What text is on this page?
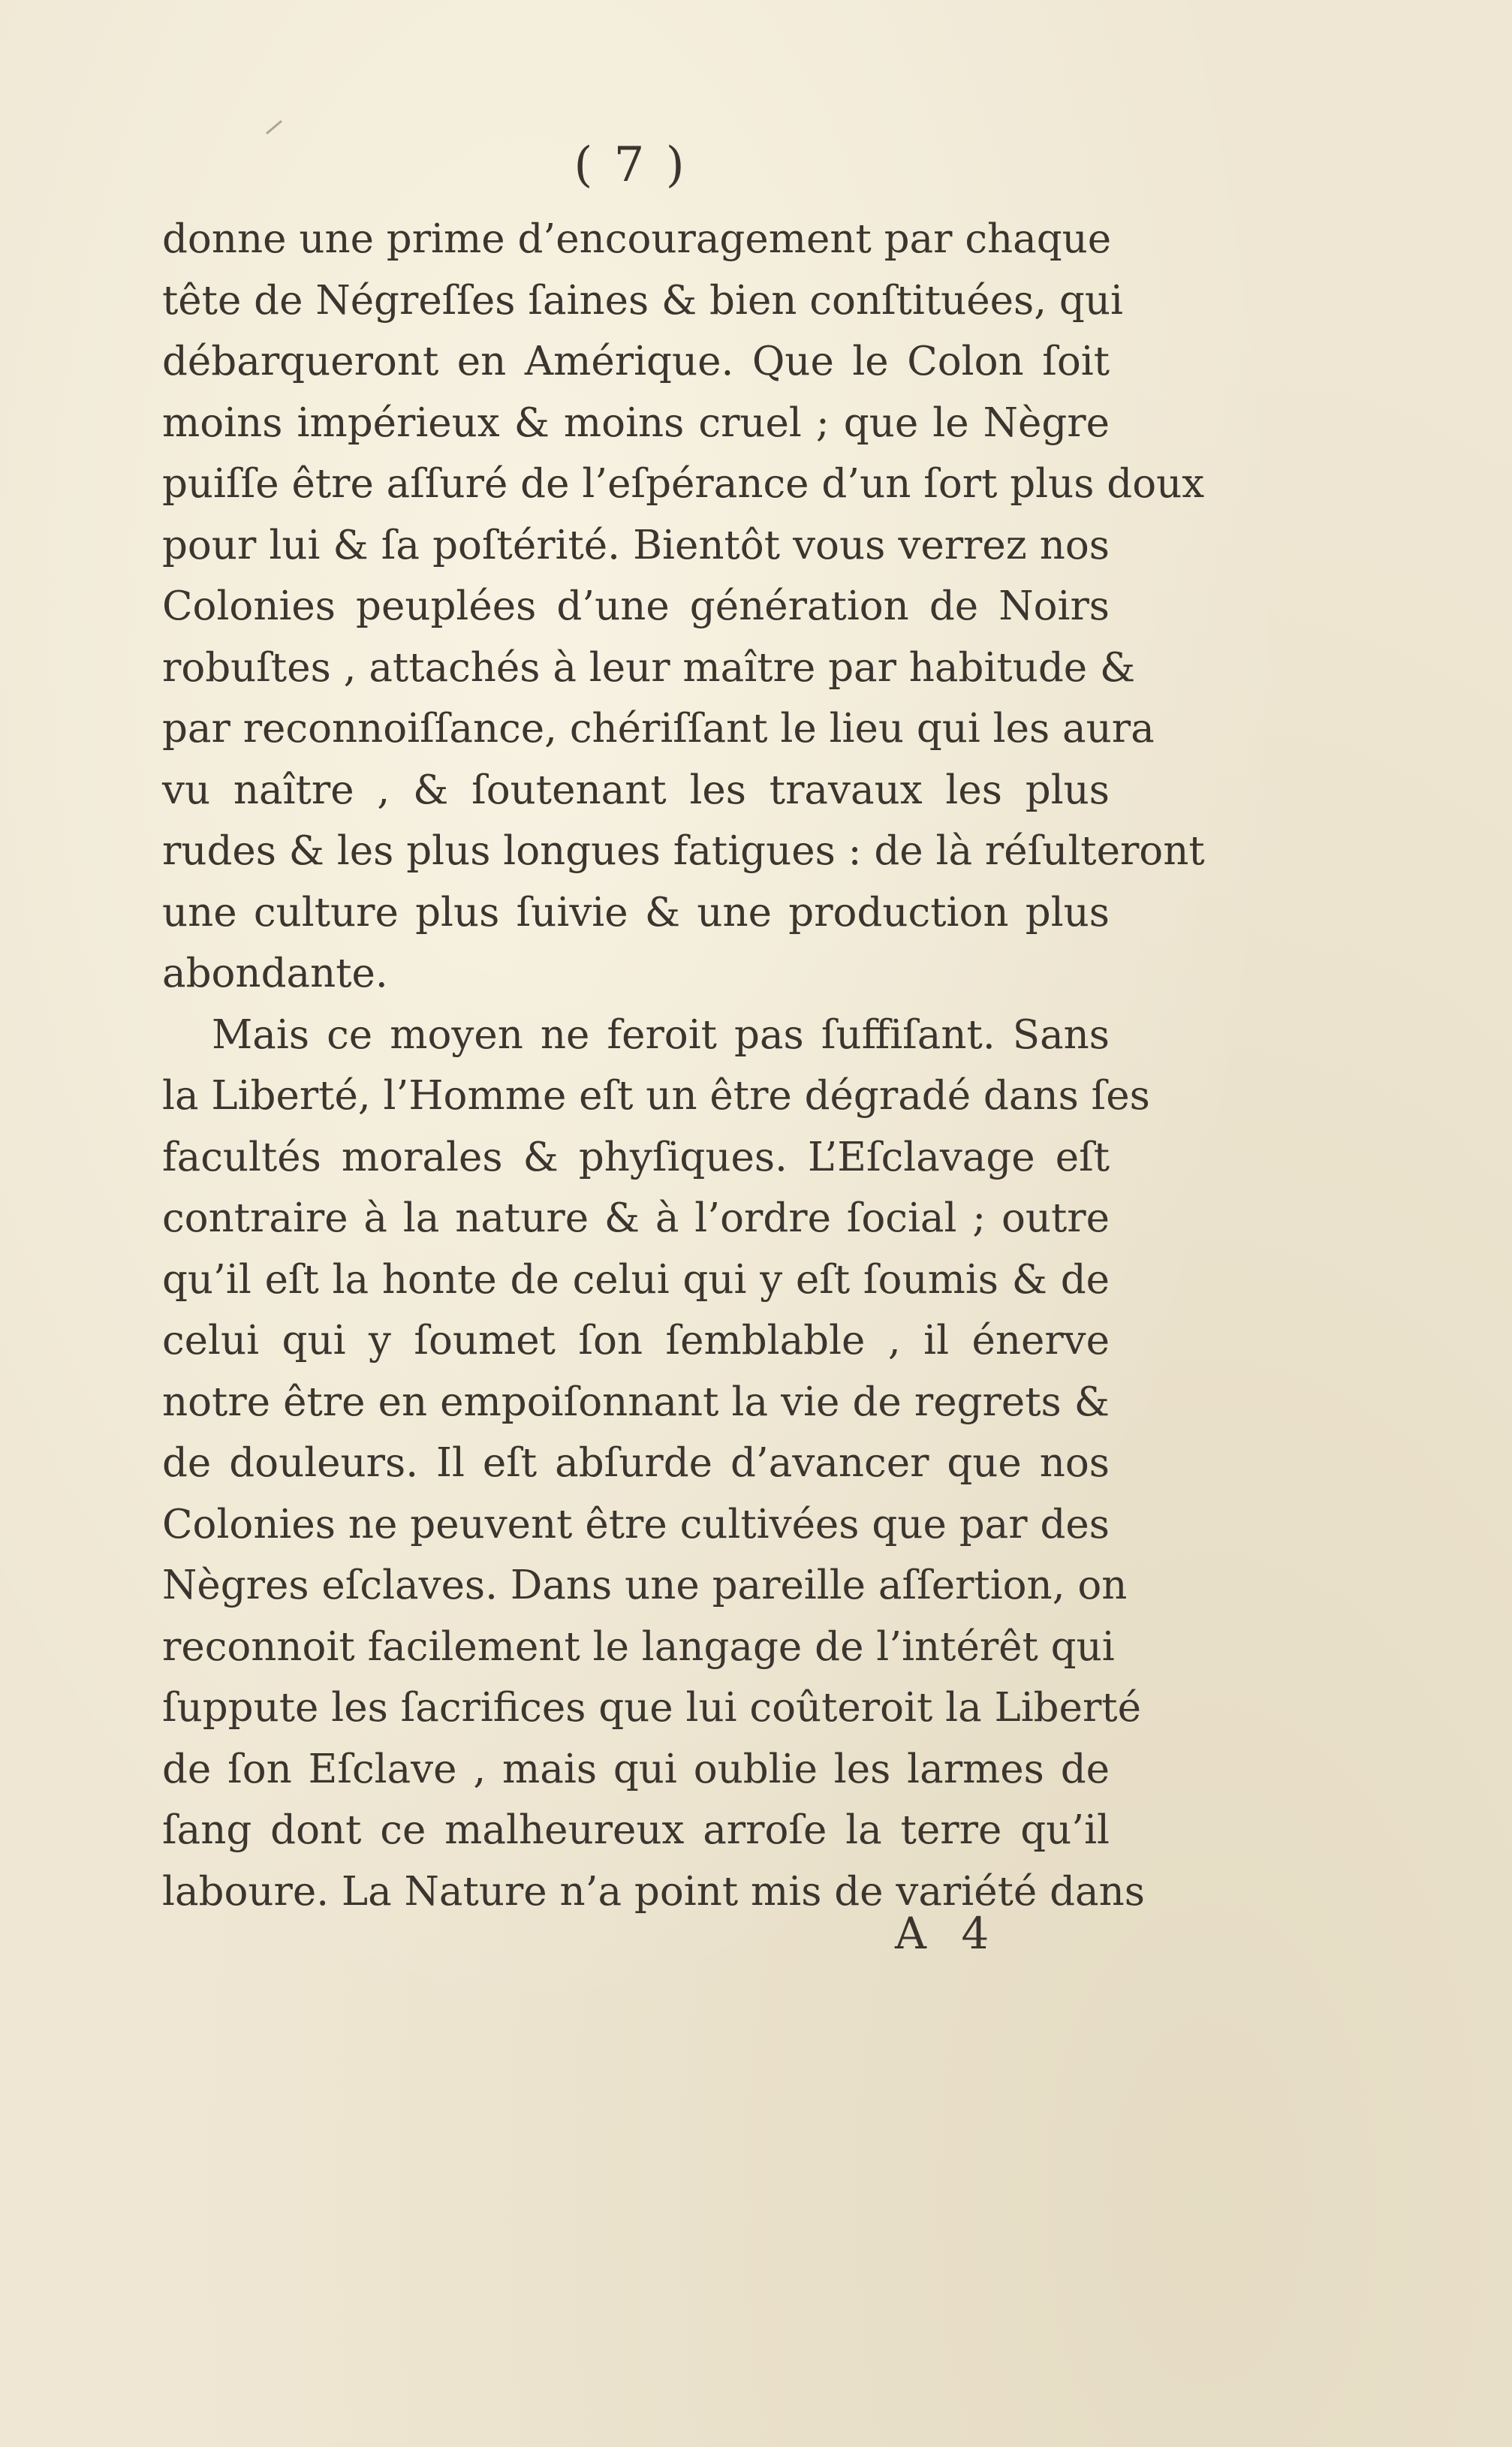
( 7 )
donne une prime d’encouragement par chaque
tête de Négreſſes ſaines & bien conſtituées, qui
débarqueront en Amérique. Que le Colon ſoit
moins impérieux & moins cruel ; que le Nègre
puiſſe être aſſuré de l’eſpérance d’un ſort plus doux
pour lui & ſa poſtérité. Bientôt vous verrez nos
Colonies peuplées d’une génération de Noirs
robuſtes , attachés à leur maître par habitude &
par reconnoiſſance, chériſſant le lieu qui les aura
vu naître , & ſoutenant les travaux les plus
rudes & les plus longues fatigues : de là réſulteront
une culture plus ſuivie & une production plus
abondante.
Mais ce moyen ne feroit pas ſuffiſant. Sans
la Liberté, l’Homme eſt un être dégradé dans ſes
facultés morales & phyſiques. L’Eſclavage eſt
contraire à la nature & à l’ordre ſocial ; outre
qu’il eſt la honte de celui qui y eſt ſoumis & de
celui qui y ſoumet ſon ſemblable , il énerve
notre être en empoiſonnant la vie de regrets &
de douleurs. Il eſt abſurde d’avancer que nos
Colonies ne peuvent être cultivées que par des
Nègres eſclaves. Dans une pareille aſſertion, on
reconnoit facilement le langage de l’intérêt qui
ſuppute les ſacrifices que lui coûteroit la Liberté
de ſon Eſclave , mais qui oublie les larmes de
ſang dont ce malheureux arroſe la terre qu’il
laboure. La Nature n’a point mis de variété dans
A 4
